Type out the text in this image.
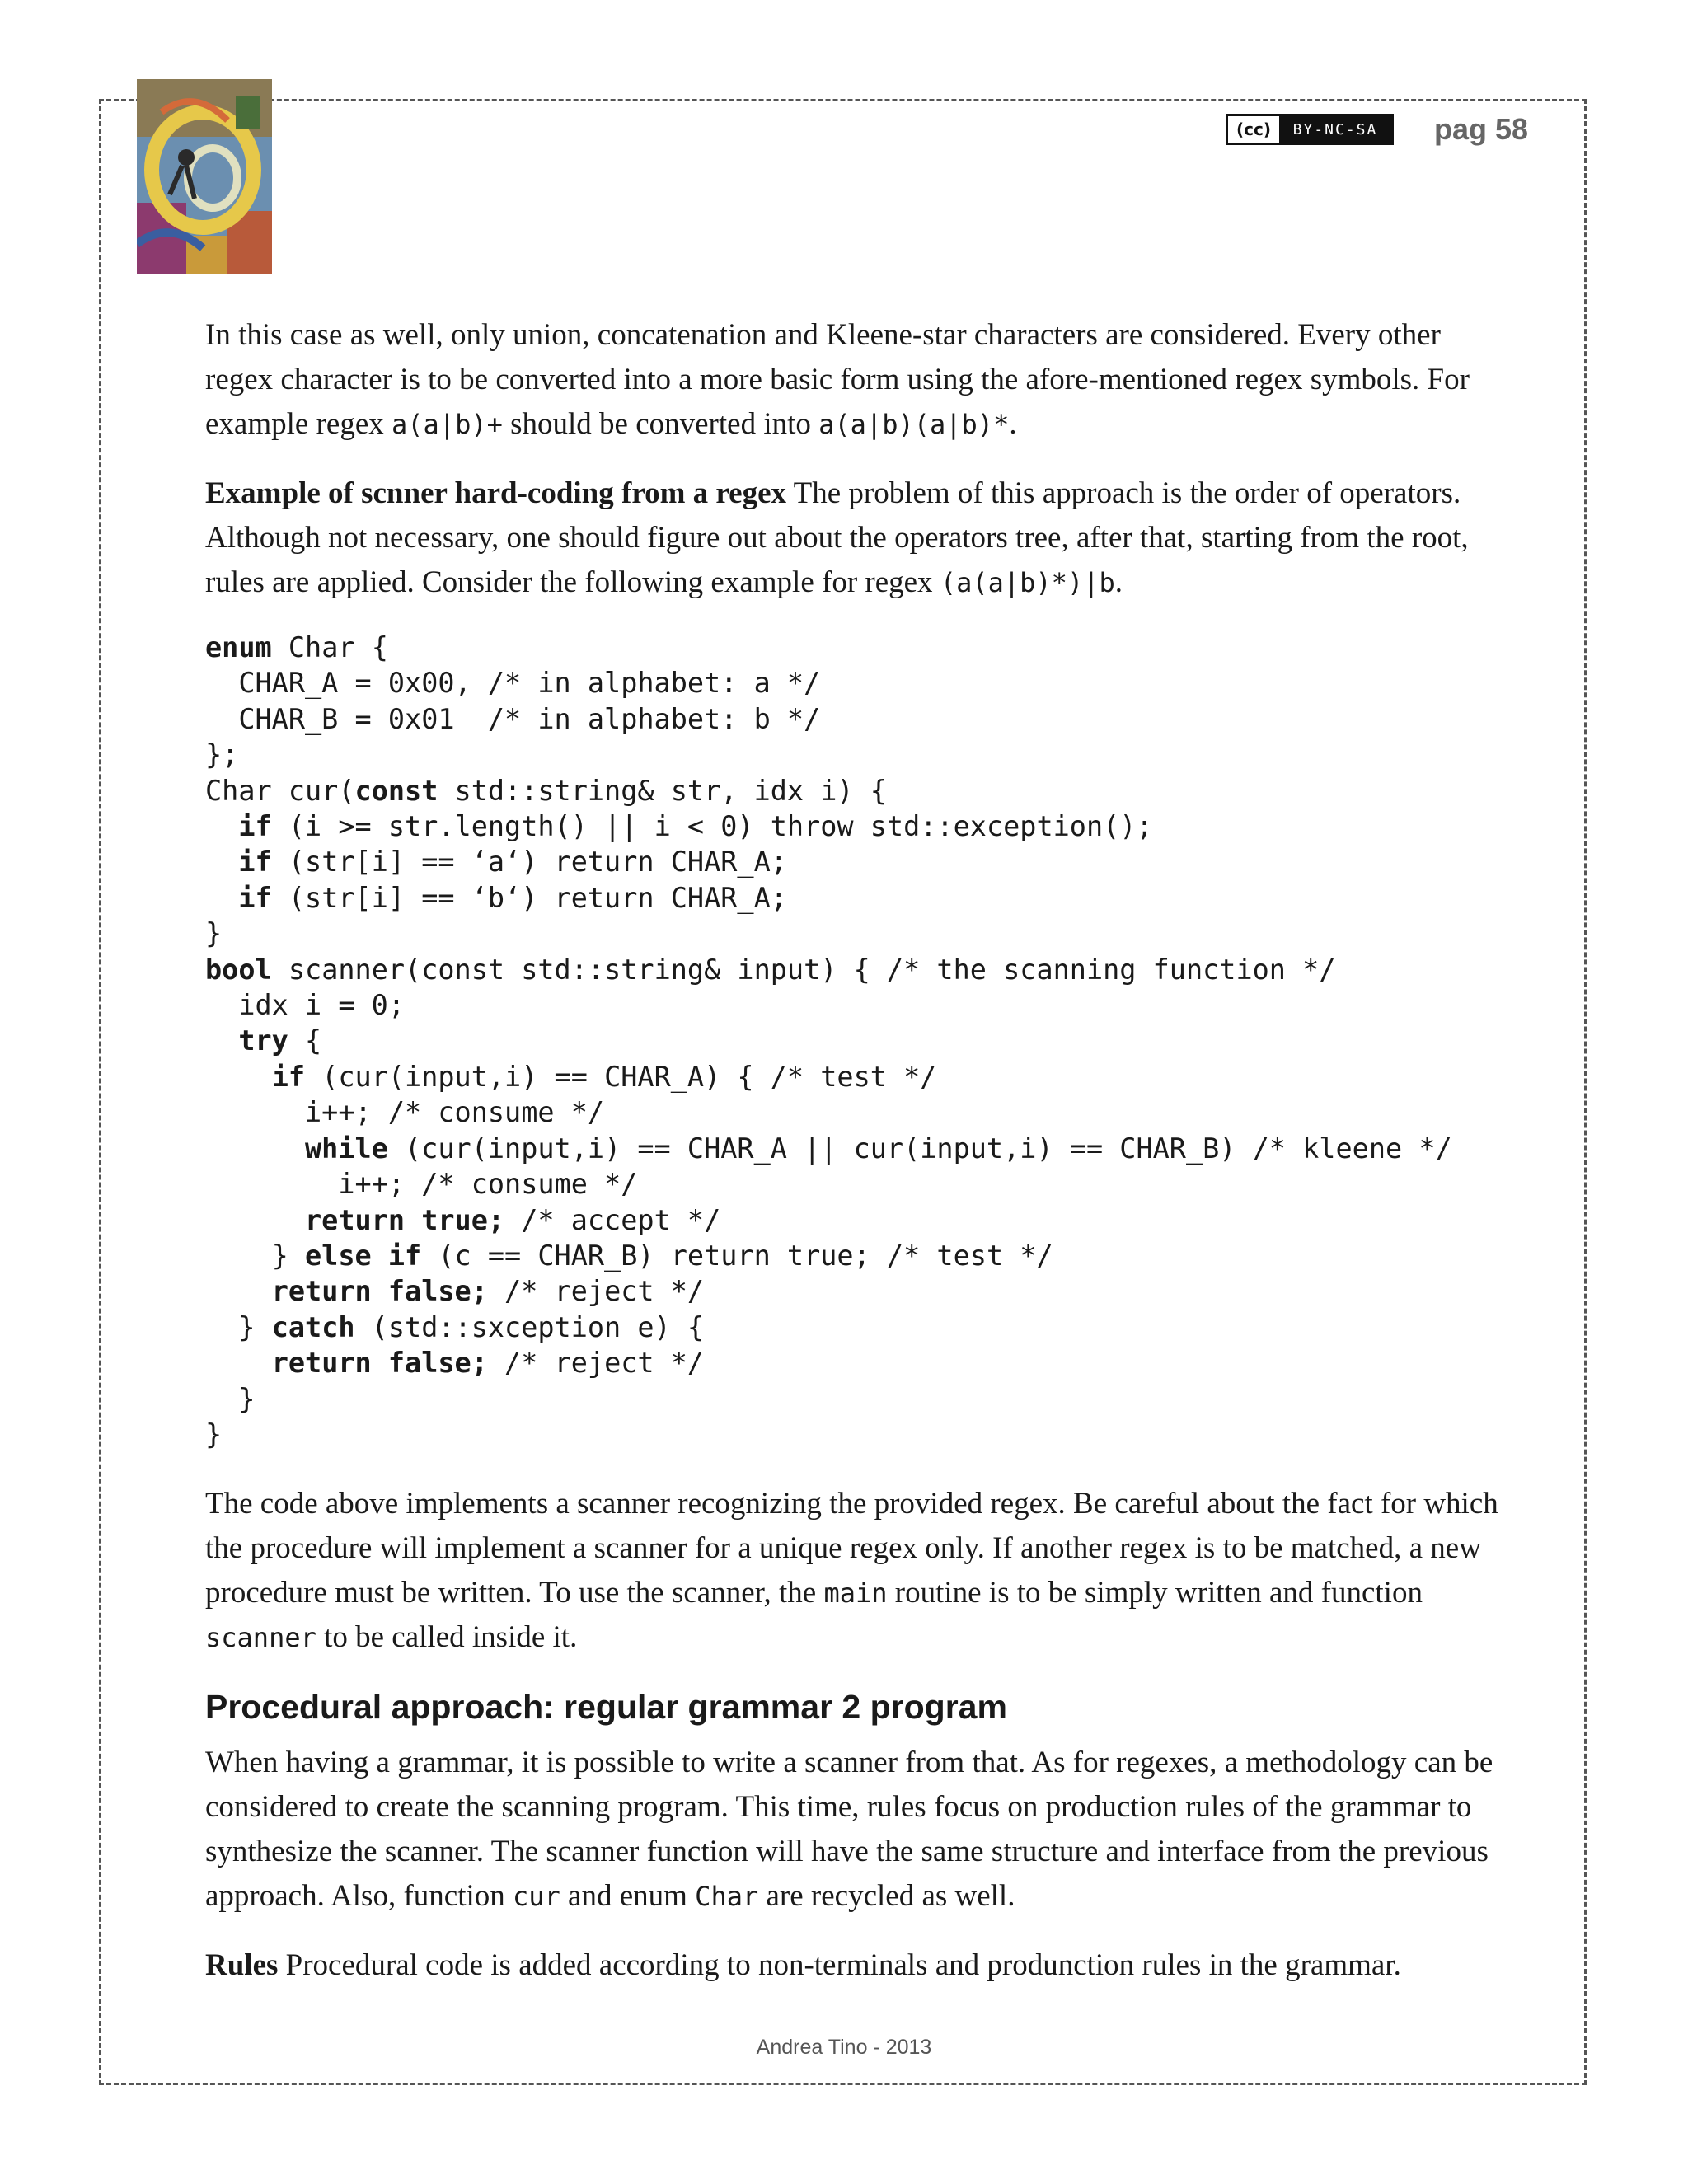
(cc)	BY-NC-SA	pag 58

In this case as well, only union, concatenation and Kleene-star characters are considered. Every other regex character is to be converted into a more basic form using the afore-mentioned regex symbols. For example regex a(a|b)+ should be converted into a(a|b)(a|b)*.

Example of scnner hard-coding from a regex The problem of this approach is the order of operators. Although not necessary, one should figure out about the operators tree, after that, starting from the root, rules are applied. Consider the following example for regex (a(a|b)*)|b.

enum Char {
CHAR_A = 0x00, /* in alphabet: a */
CHAR_B = 0x01  /* in alphabet: b */
};
Char cur(const std::string& str, idx i) {
if (i >= str.length() || i < 0) throw std::exception();
if (str[i] == ‘a‘) return CHAR_A;
if (str[i] == ‘b‘) return CHAR_A;
}
bool scanner(const std::string& input) { /* the scanning function */
idx i = 0;
try {
if (cur(input,i) == CHAR_A) { /* test */
i++; /* consume */
while (cur(input,i) == CHAR_A || cur(input,i) == CHAR_B) /* kleene */
i++; /* consume */
return true; /* accept */
} else if (c == CHAR_B) return true; /* test */
return false; /* reject */
} catch (std::sxception e) {
return false; /* reject */
}
}

The code above implements a scanner recognizing the provided regex. Be careful about the fact for which the procedure will implement a scanner for a unique regex only. If another regex is to be matched, a new procedure must be written. To use the scanner, the main routine is to be simply written and function scanner to be called inside it.

Procedural approach: regular grammar 2 program

When having a grammar, it is possible to write a scanner from that. As for regexes, a methodology can be considered to create the scanning program. This time, rules focus on production rules of the grammar to synthesize the scanner. The scanner function will have the same structure and interface from the previous approach. Also, function cur and enum Char are recycled as well.

Rules Procedural code is added according to non-terminals and produnction rules in the grammar.

Andrea Tino - 2013
